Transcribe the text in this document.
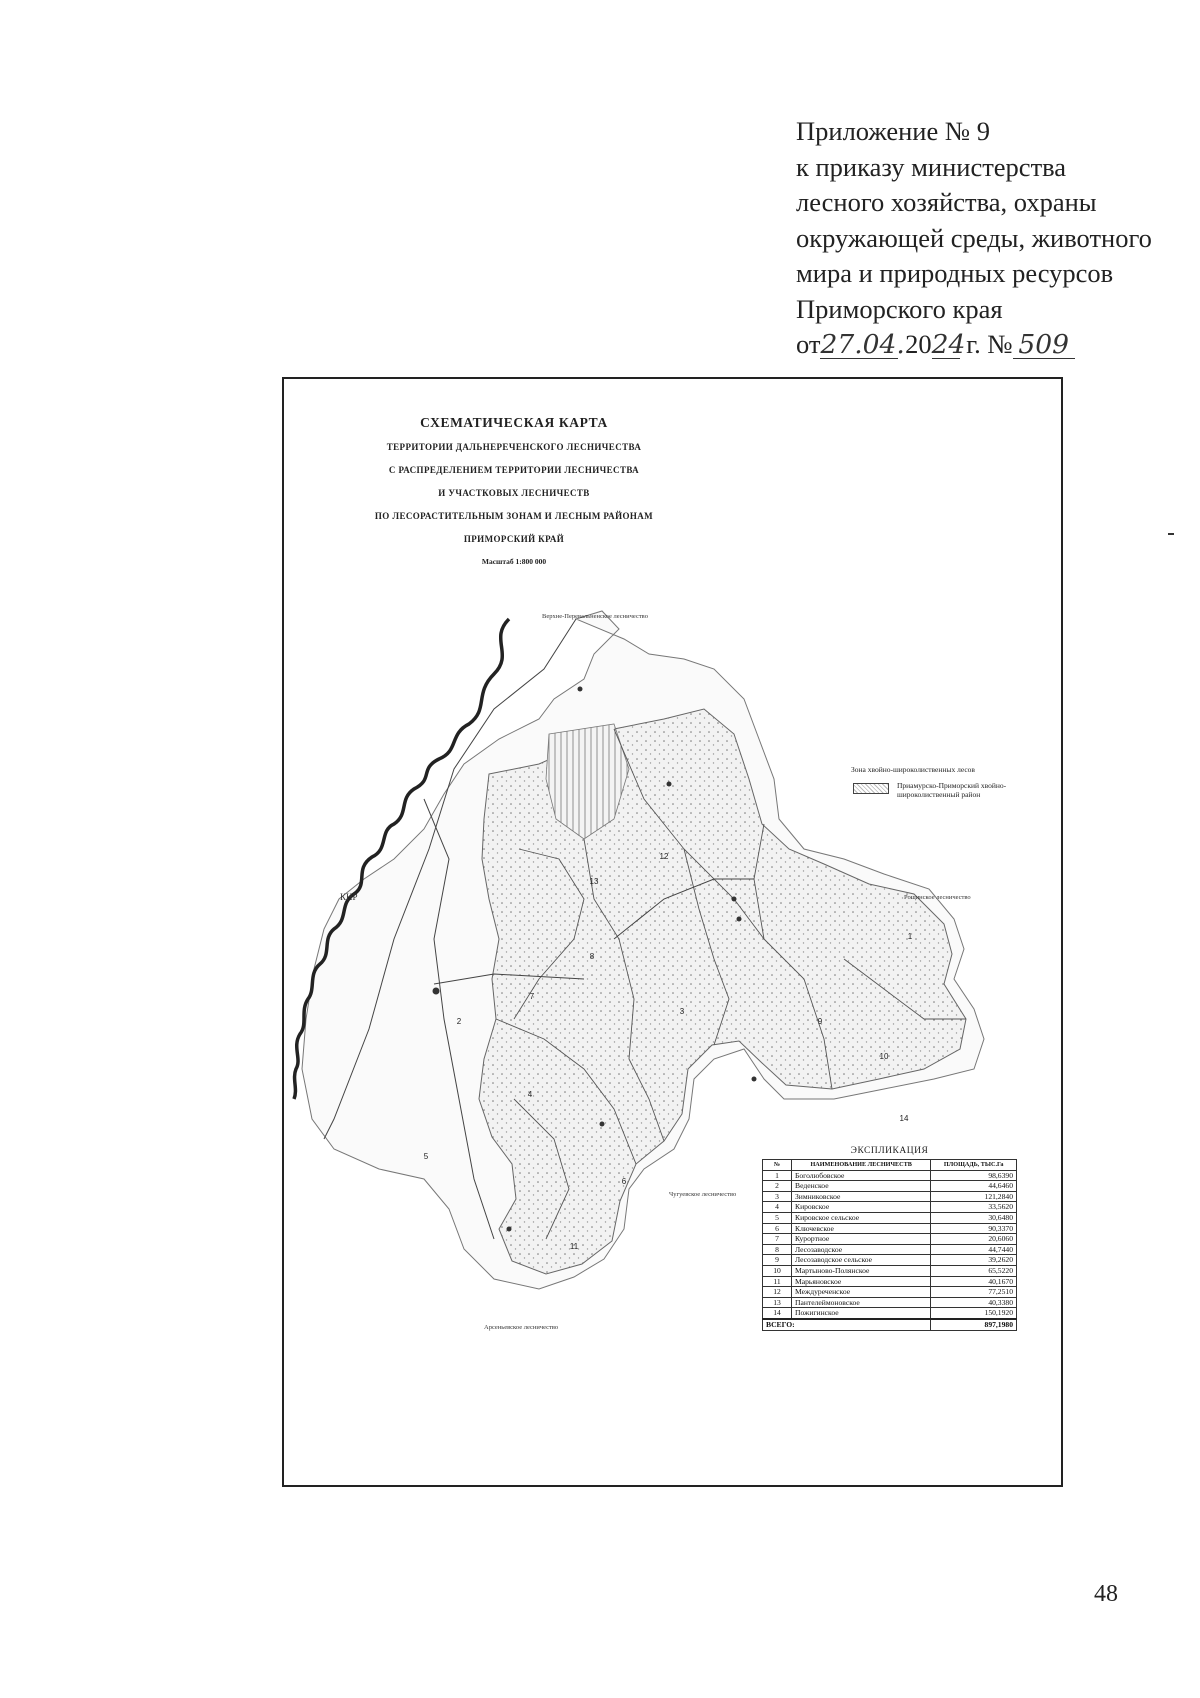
Приложение № 9
к приказу министерства
лесного хозяйства, охраны
окружающей среды, животного
мира и природных ресурсов
Приморского края
от27.04. 2024 г. № 509
1
2
3
4
5
6
7
8
9
10
11
12
13
14
СХЕМАТИЧЕСКАЯ КАРТА
ТЕРРИТОРИИ ДАЛЬНЕРЕЧЕНСКОГО ЛЕСНИЧЕСТВА
С РАСПРЕДЕЛЕНИЕМ ТЕРРИТОРИИ ЛЕСНИЧЕСТВА
И УЧАСТКОВЫХ ЛЕСНИЧЕСТВ
ПО ЛЕСОРАСТИТЕЛЬНЫМ ЗОНАМ И ЛЕСНЫМ РАЙОНАМ
ПРИМОРСКИЙ КРАЙ
Масштаб 1:800 000
Верхне-Перевальненское лесничество
Рощинское лесничество
Чугуевское лесничество
Арсеньевское лесничество
КНР
Зона хвойно-широколиственных лесов
Приамурско-Приморский хвойно-широколиственный район
ЭКСПЛИКАЦИЯ
№	НАИМЕНОВАНИЕ ЛЕСНИЧЕСТВ	ПЛОЩАДЬ, ТЫС.Га
1	Боголюбовское	98,6390
2	Веденское	44,6460
3	Зимниковское	121,2840
4	Кировское	33,5620
5	Кировское сельское	30,6480
6	Ключевское	90,3370
7	Курортное	20,6060
8	Лесозаводское	44,7440
9	Лесозаводское сельское	39,2620
10	Мартыново-Полянское	65,5220
11	Марьяновское	40,1670
12	Междуреченское	77,2510
13	Пантелеймоновское	40,3380
14	Пожигинское	150,1920
ВСЕГО:		897,1980
48
